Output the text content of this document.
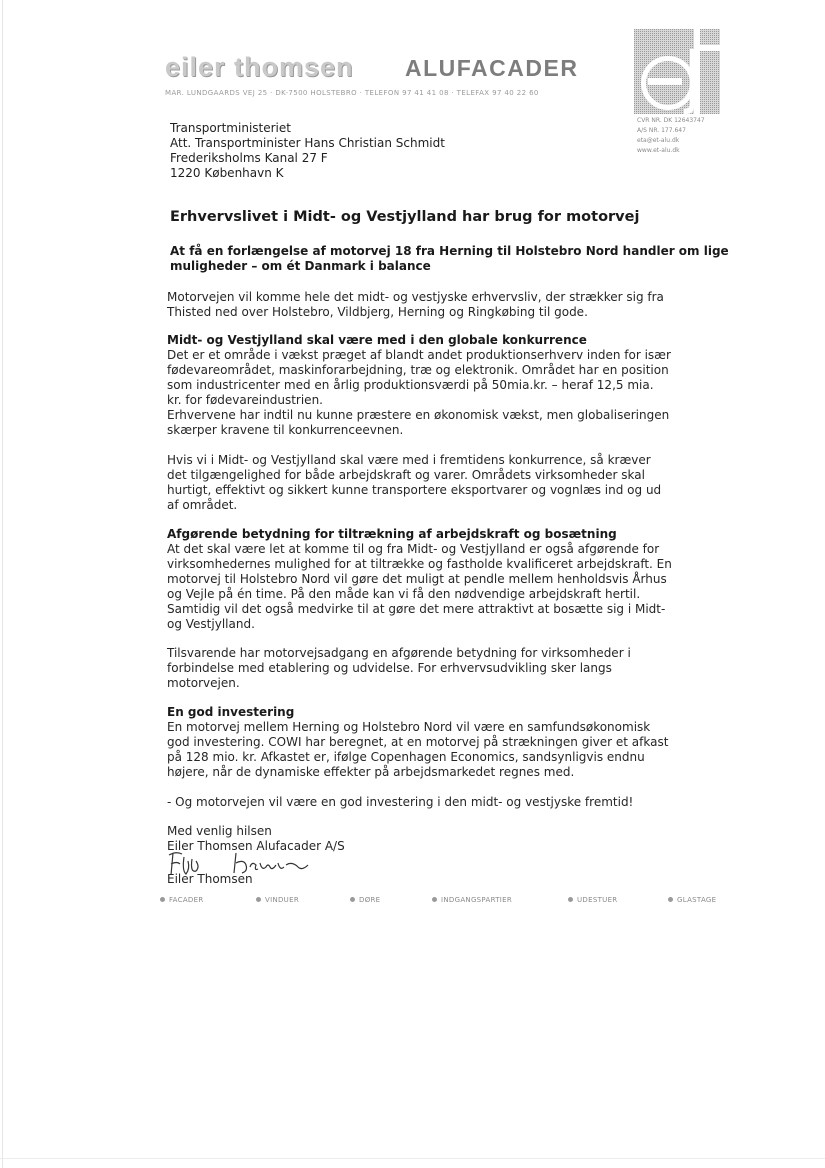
eiler thomsen ALUFACADER
MAR. LUNDGAARDS VEJ 25 · DK-7500 HOLSTEBRO · TELEFON 97 41 41 08 · TELEFAX 97 40 22 60
CVR NR. DK 12643747
A/S NR. 177.647
eta@et-alu.dk
www.et-alu.dk
Transportministeriet
Att. Transportminister Hans Christian Schmidt
Frederiksholms Kanal 27 F
1220 København K
Erhvervslivet i Midt- og Vestjylland har brug for motorvej
At få en forlængelse af motorvej 18 fra Herning til Holstebro Nord handler om lige muligheder – om ét Danmark i balance
Motorvejen vil komme hele det midt- og vestjyske erhvervsliv, der strækker sig fra
Thisted ned over Holstebro, Vildbjerg, Herning og Ringkøbing til gode.
Midt- og Vestjylland skal være med i den globale konkurrence
Det er et område i vækst præget af blandt andet produktionserhverv inden for især
fødevareområdet, maskinforarbejdning, træ og elektronik. Området har en position
som industricenter med en årlig produktionsværdi på 50mia.kr. – heraf 12,5 mia.
kr. for fødevareindustrien.
Erhvervene har indtil nu kunne præstere en økonomisk vækst, men globaliseringen
skærper kravene til konkurrenceevnen.
Hvis vi i Midt- og Vestjylland skal være med i fremtidens konkurrence, så kræver
det tilgængelighed for både arbejdskraft og varer. Områdets virksomheder skal
hurtigt, effektivt og sikkert kunne transportere eksportvarer og vognlæs ind og ud
af området.
Afgørende betydning for tiltrækning af arbejdskraft og bosætning
At det skal være let at komme til og fra Midt- og Vestjylland er også afgørende for
virksomhedernes mulighed for at tiltrække og fastholde kvalificeret arbejdskraft. En
motorvej til Holstebro Nord vil gøre det muligt at pendle mellem henholdsvis Århus
og Vejle på én time. På den måde kan vi få den nødvendige arbejdskraft hertil.
Samtidig vil det også medvirke til at gøre det mere attraktivt at bosætte sig i Midt-
og Vestjylland.
Tilsvarende har motorvejsadgang en afgørende betydning for virksomheder i
forbindelse med etablering og udvidelse. For erhvervsudvikling sker langs
motorvejen.
En god investering
En motorvej mellem Herning og Holstebro Nord vil være en samfundsøkonomisk
god investering. COWI har beregnet, at en motorvej på strækningen giver et afkast
på 128 mio. kr. Afkastet er, ifølge Copenhagen Economics, sandsynligvis endnu
højere, når de dynamiske effekter på arbejdsmarkedet regnes med.
- Og motorvejen vil være en god investering i den midt- og vestjyske fremtid!
Med venlig hilsen
Eiler Thomsen Alufacader A/S
Eiler Thomsen
FACADER	VINDUER	DØRE	INDGANGSPARTIER	UDESTUER	GLASTAGE
